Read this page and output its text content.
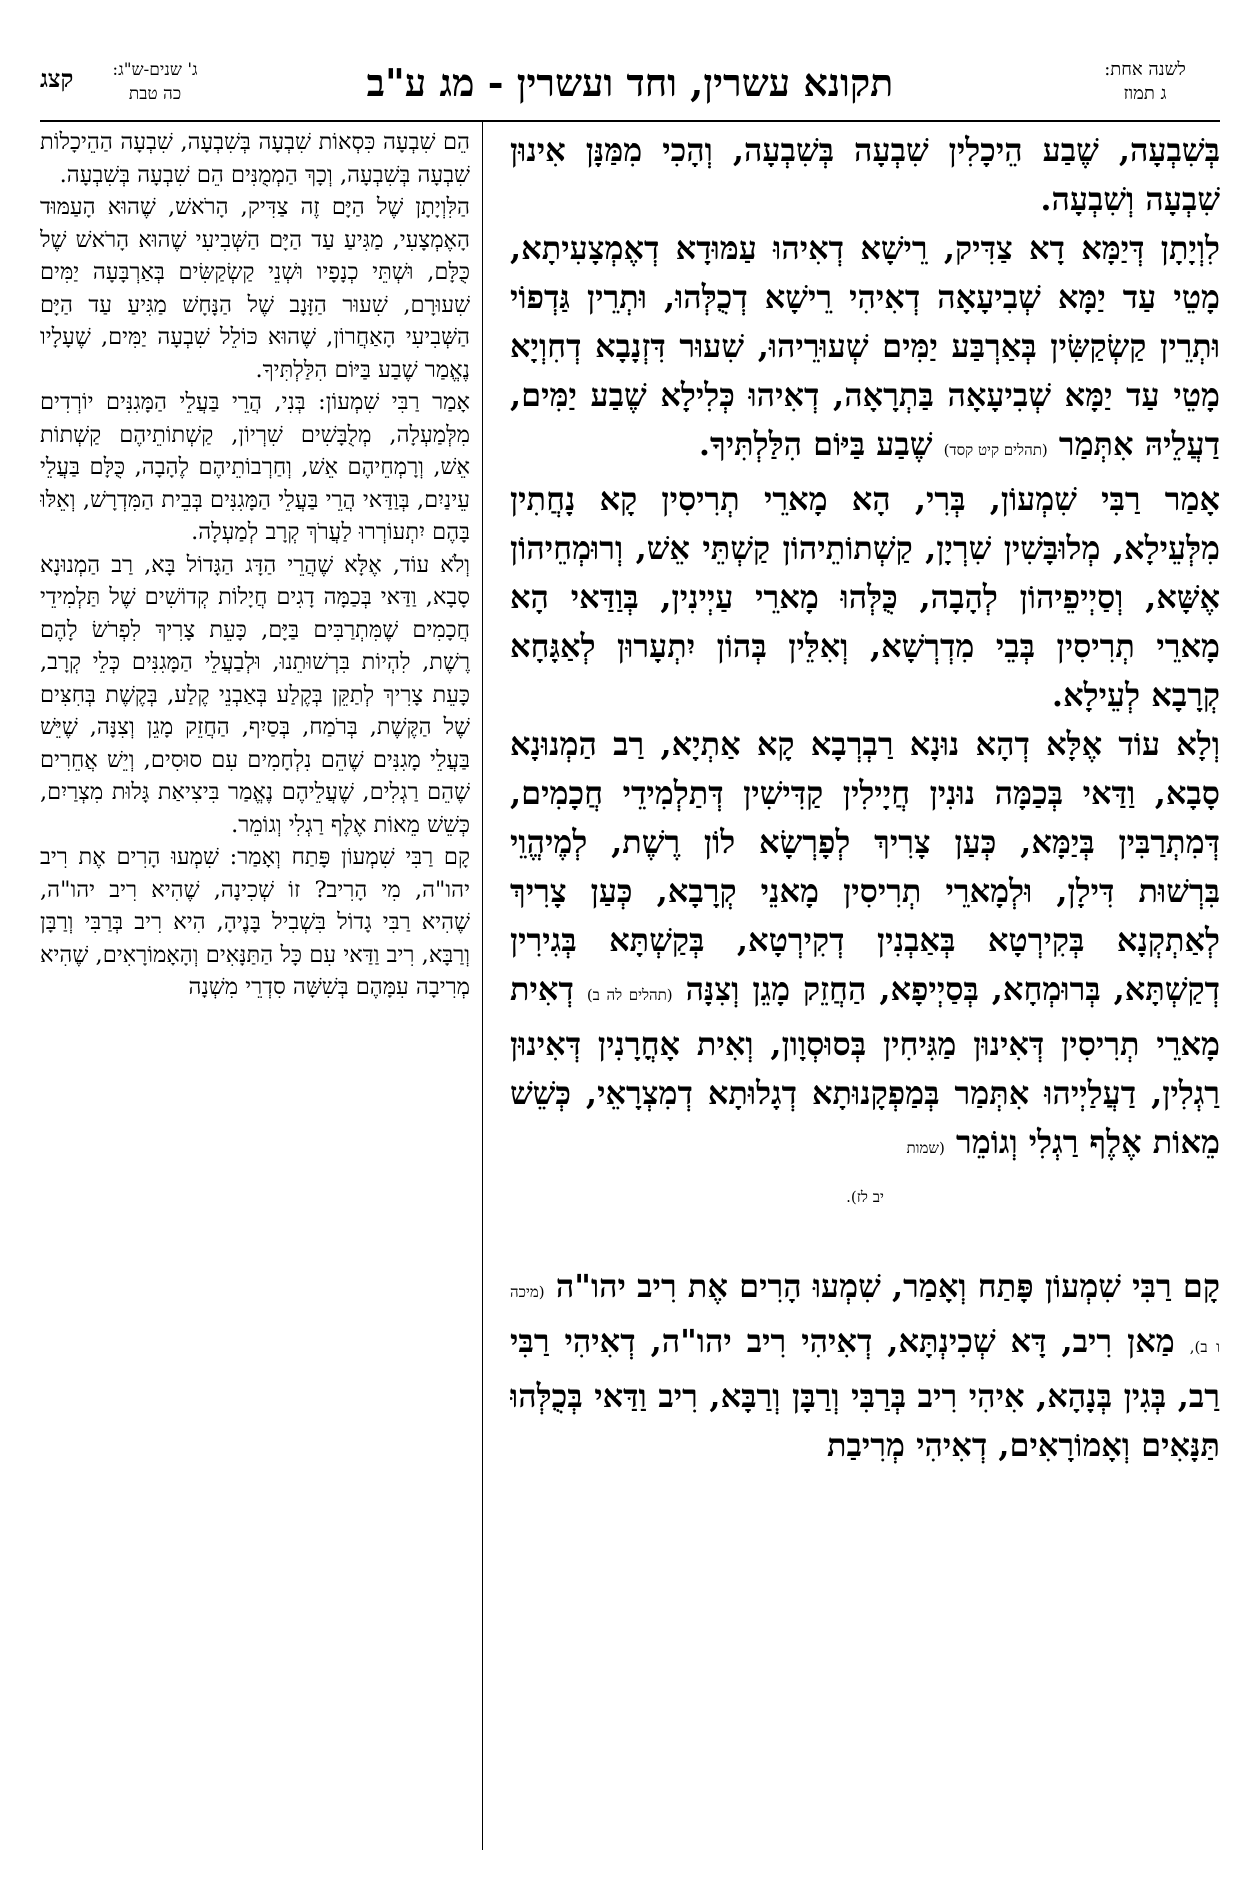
לשנה אחת:
ג תמוז
תקונא עשרין, וחד ועשרין - מג ע"ב
ג' שנים-ש"ג:
כה טבת
קצג

בְּשִׁבְעָה, שֶׁבַע הֵיכָלִין שִׁבְעָה בְּשִׁבְעָה, וְהָכִי מִמַּנָּן אִינוּן שִׁבְעָה וְשִׁבְעָה.

לִוְיָתָן דְּיַמָּא דָא צַדִּיק, רֵישָׁא דְאִיהוּ עַמּוּדָא דְאֶמְצָעִיתָא, מָטֵי עַד יַמָּא שְׁבִיעָאָה דְאִיהִי רֵישָׁא דְכֻלְּהוּ, וּתְרֵין גַּדְפוֹי וּתְרֵין קַשְׂקַשִּׂין בְּאַרְבַּע יַמִּים שְׁעוּרֵיהוּ, שִׁעוּר דִּזְנָבָא דְחִוְיָא מָטֵי עַד יַמָּא שְׁבִיעָאָה בַּתְרָאָה, דְאִיהוּ כְּלִילָא שֶׁבַע יַמִּים, דַעֲלֵיהּ אִתְּמַר (תהלים קיט קסד) שֶׁבַע בַּיּוֹם הִלַּלְתִּיךָ.

אָמַר רַבִּי שִׁמְעוֹן, בְּרִי, הָא מָארֵי תְרִיסִין קָא נָחֲתִין מִלְּעֵילָא, מְלוּבָּשִׁין שִׁרְיָן, קַשְׁתוֹתֵיהוֹן קַשְׁתֵּי אֵשׁ, וְרוּמְחֵיהוֹן אֶשָּׁא, וְסַיְיפֵיהוֹן לְהָבָה, כֻּלְּהוּ מָארֵי עַיְינִין, בְּוַדַּאי הָא מָארֵי תְרִיסִין בְּבֵי מִדְרְשָׁא, וְאִלֵּין בְּהוֹן יִתְעָרוּן לְאַגָּחָא קְרָבָא לְעֵילָא.

וְלָא עוֹד אֶלָּא דְהָא נוּנָא רַבְרְבָא קָא אַתְיָא, רַב הַמְנוּנָא סָבָא, וַדַּאי בְּכַמָּה נוּנִין חֲיָילִין קַדִּישִׁין דְּתַלְמִידֵי חֲכָמִים, דְּמִתְרַבִּין בְּיַמָּא, כְּעַן צָרִיךְ לְפָרְשָׂא לוֹן רֶשֶׁת, לְמֶיהֱוֵי בִּרְשׁוּת דִּילָן, וּלְמָארֵי תְרִיסִין מָאנֵי קְרָבָא, כְּעַן צָרִיךְ לְאַתְקְנָא בְּקִירְטָא בְּאַבְנִין דְקִירְטָא, בְּקַשְׁתָּא בְּגִירִין דְקַשְׁתָּא, בְּרוּמְחָא, בְּסַיְיפָא, הַחֲזֵק מָגֵן וְצִנָּה (תהלים לה ב) דְאִית מָארֵי תְרִיסִין דְּאִינוּן מַגִּיחִין בְּסוּסְוָון, וְאִית אָחֳרָנִין דְּאִינוּן רַגְלִין, דַעֲלַיְיהוּ אִתְּמַר בְּמַפְקָנוּתָא דְגָלוּתָא דְמִצְרָאֵי, כְּשֵׁשׁ מֵאוֹת אֶלֶף רַגְלִי וְגוֹמֵר (שמות

יב לז).

קָם רַבִּי שִׁמְעוֹן פָּתַח וְאָמַר, שִׁמְעוּ הָרִים אֶת רִיב יהו"ה (מיכה ו ב), מַאן רִיב, דָּא שְׁכִינְתָּא, דְאִיהִי רִיב יהו"ה, דְאִיהִי רַבִּי רַב, בְּגִין בְּנָהָא, אִיהִי רִיב בְּרַבִּי וְרַבָּן וְרַבָּא, רִיב וַדַּאי בְּכֻלְּהוּ תַּנָּאִים וְאָמוֹרָאִים, דְאִיהִי מְרִיבַת

הֵם שִׁבְעָה כִּסְאוֹת שִׁבְעָה בְּשִׁבְעָה, שִׁבְעָה הַהֵיכָלוֹת שִׁבְעָה בְּשִׁבְעָה, וְכָךְ הַמְמֻנִּים הֵם שִׁבְעָה בְּשִׁבְעָה.

הַלִּוְיָתָן שֶׁל הַיָּם זֶה צַדִּיק, הָרֹאשׁ, שֶׁהוּא הָעַמּוּד הָאֶמְצָעִי, מַגִּיעַ עַד הַיָּם הַשְּׁבִיעִי שֶׁהוּא הָרֹאשׁ שֶׁל כֻּלָּם, וּשְׁתֵּי כְנָפָיו וּשְׁנֵי קַשְׂקַשִּׂים בְּאַרְבָּעָה יַמִּים שִׁעוּרָם, שִׁעוּר הַזָּנָב שֶׁל הַנָּחָשׁ מַגִּיעַ עַד הַיָּם הַשְּׁבִיעִי הָאַחֲרוֹן, שֶׁהוּא כּוֹלֵל שִׁבְעָה יַמִּים, שֶׁעָלָיו נֶאֱמַר שֶׁבַע בַּיּוֹם הִלַּלְתִּיךָ.

אָמַר רַבִּי שִׁמְעוֹן: בְּנִי, הֲרֵי בַּעֲלֵי הַמָּגִנִּים יוֹרְדִים מִלְּמַעְלָה, מְלֻבָּשִׁים שִׁרְיוֹן, קַשְׁתוֹתֵיהֶם קַשְׁתוֹת אֵשׁ, וְרָמְחֵיהֶם אֵשׁ, וְחַרְבוֹתֵיהֶם לֶהָבָה, כֻּלָּם בַּעֲלֵי עֵינַיִם, בְּוַדַּאי הֲרֵי בַּעֲלֵי הַמָּגִנִּים בְּבֵית הַמִּדְרָשׁ, וְאֵלּוּ בָּהֶם יִתְעוֹרְרוּ לַעֲרֹךְ קְרָב לְמַעְלָה.

וְלֹא עוֹד, אֶלָּא שֶׁהֲרֵי הַדָּג הַגָּדוֹל בָּא, רַב הַמְנוּנָא סָבָא, וַדַּאי בְּכַמָּה דָגִים חֲיָלוֹת קְדוֹשִׁים שֶׁל תַּלְמִידֵי חֲכָמִים שֶׁמִּתְרַבִּים בַּיָּם, כָּעֵת צָרִיךְ לִפְרֹשׂ לָהֶם רֶשֶׁת, לִהְיוֹת בִּרְשׁוּתֵנוּ, וּלְבַעֲלֵי הַמָּגִנִּים כְּלֵי קְרָב, כָּעֵת צָרִיךְ לְתַקֵּן בְּקֶלַע בְּאַבְנֵי קֶלַע, בְּקֶשֶׁת בְּחִצִּים שֶׁל הַקֶּשֶׁת, בְּרֹמַח, בְּסַיִף, הַחֲזֵק מָגֵן וְצִנָּה, שֶׁיֵּשׁ בַּעֲלֵי מָגִנִּים שֶׁהֵם נִלְחָמִים עִם סוּסִים, וְיֵשׁ אֲחֵרִים שֶׁהֵם רַגְלִים, שֶׁעֲלֵיהֶם נֶאֱמַר בִּיצִיאַת גָּלוּת מִצְרַיִם, כְּשֵׁשׁ מֵאוֹת אֶלֶף רַגְלִי וְגוֹמֵר.

קָם רַבִּי שִׁמְעוֹן פָּתַח וְאָמַר: שִׁמְעוּ הָרִים אֶת רִיב יהו"ה, מִי הָרִיב? זוֹ שְׁכִינָה, שֶׁהִיא רִיב יהו"ה, שֶׁהִיא רַבִּי גָדוֹל בִּשְׁבִיל בָּנֶיהָ, הִיא רִיב בְּרַבִּי וְרַבָּן וְרַבָּא, רִיב וַדַּאי עִם כָּל הַתַּנָּאִים וְהָאָמוֹרָאִים, שֶׁהִיא מְרִיבָה עִמָּהֶם בְּשִׁשָּׁה סִדְרֵי מִשְׁנָה
